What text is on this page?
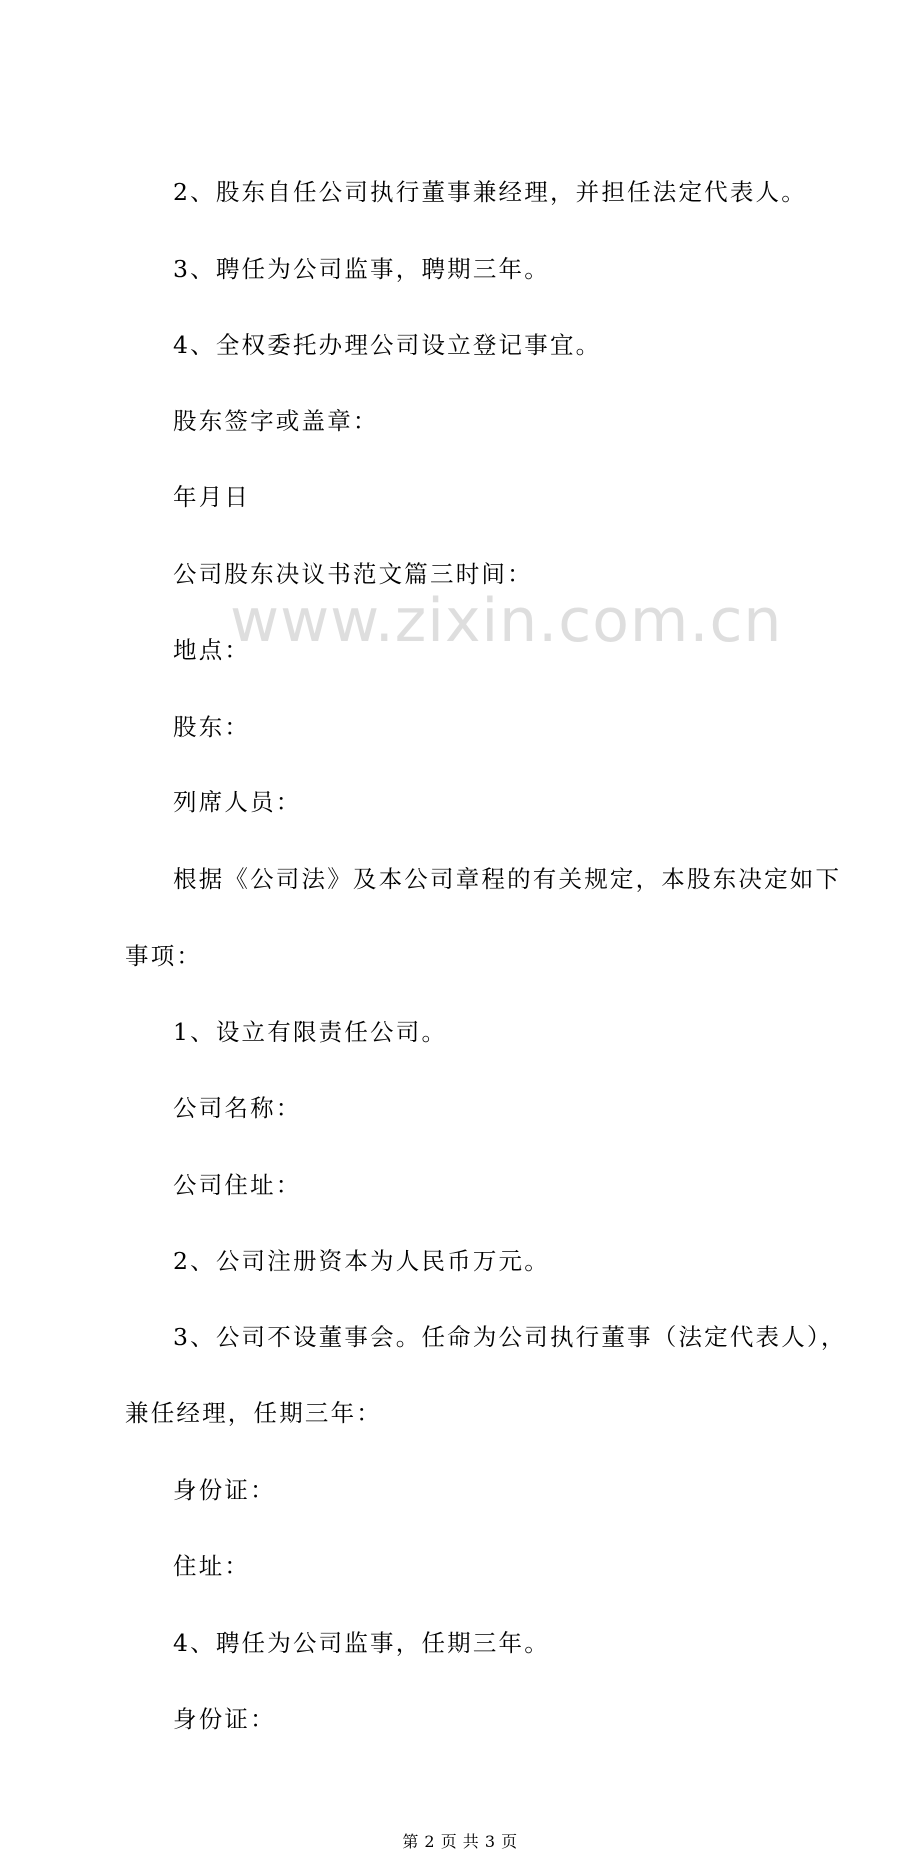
www.zixin.com.cn
2、股东自任公司执行董事兼经理，并担任法定代表人。
3、聘任为公司监事，聘期三年。
4、全权委托办理公司设立登记事宜。
股东签字或盖章：
年月日
公司股东决议书范文篇三时间：
地点：
股东：
列席人员：
根据《公司法》及本公司章程的有关规定，本股东决定如下
事项：
1、设立有限责任公司。
公司名称：
公司住址：
2、公司注册资本为人民币万元。
3、公司不设董事会。任命为公司执行董事（法定代表人），
兼任经理，任期三年：
身份证：
住址：
4、聘任为公司监事，任期三年。
身份证：
第 2 页 共 3 页
